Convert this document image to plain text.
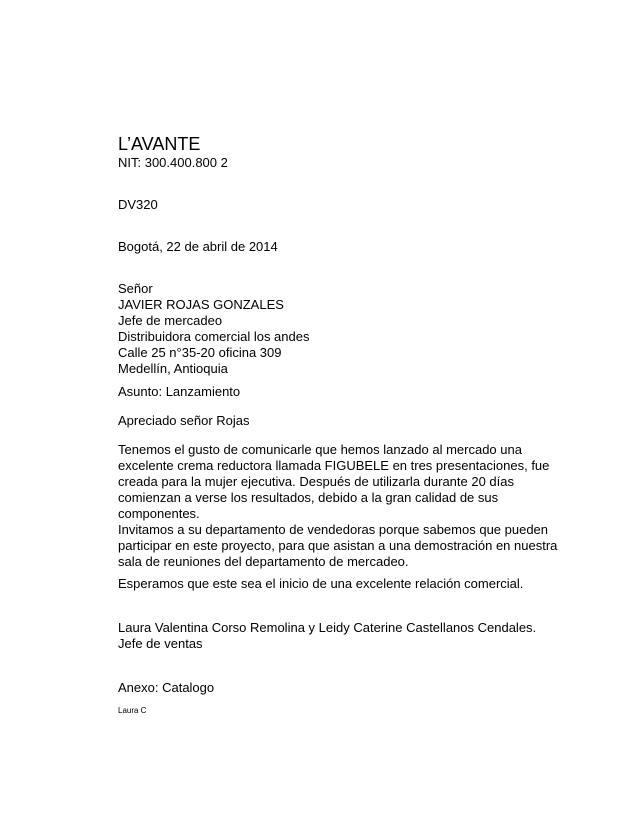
L’AVANTE
NIT: 300.400.800 2
DV320
Bogotá, 22 de abril de 2014
Señor
JAVIER ROJAS GONZALES
Jefe de mercadeo
Distribuidora comercial los andes
Calle 25 n°35-20 oficina 309
Medellín, Antioquia
Asunto: Lanzamiento
Apreciado señor Rojas
Tenemos el gusto de comunicarle que hemos lanzado al mercado una
excelente crema reductora llamada FIGUBELE en tres presentaciones, fue
creada para la mujer ejecutiva. Después de utilizarla durante 20 días
comienzan a verse los resultados, debido a la gran calidad de sus
componentes.
Invitamos a su departamento de vendedoras porque sabemos que pueden
participar en este proyecto, para que asistan a una demostración en nuestra
sala de reuniones del departamento de mercadeo.
Esperamos que este sea el inicio de una excelente relación comercial.
Laura Valentina Corso Remolina y Leidy Caterine Castellanos Cendales.
Jefe de ventas
Anexo: Catalogo
Laura C
